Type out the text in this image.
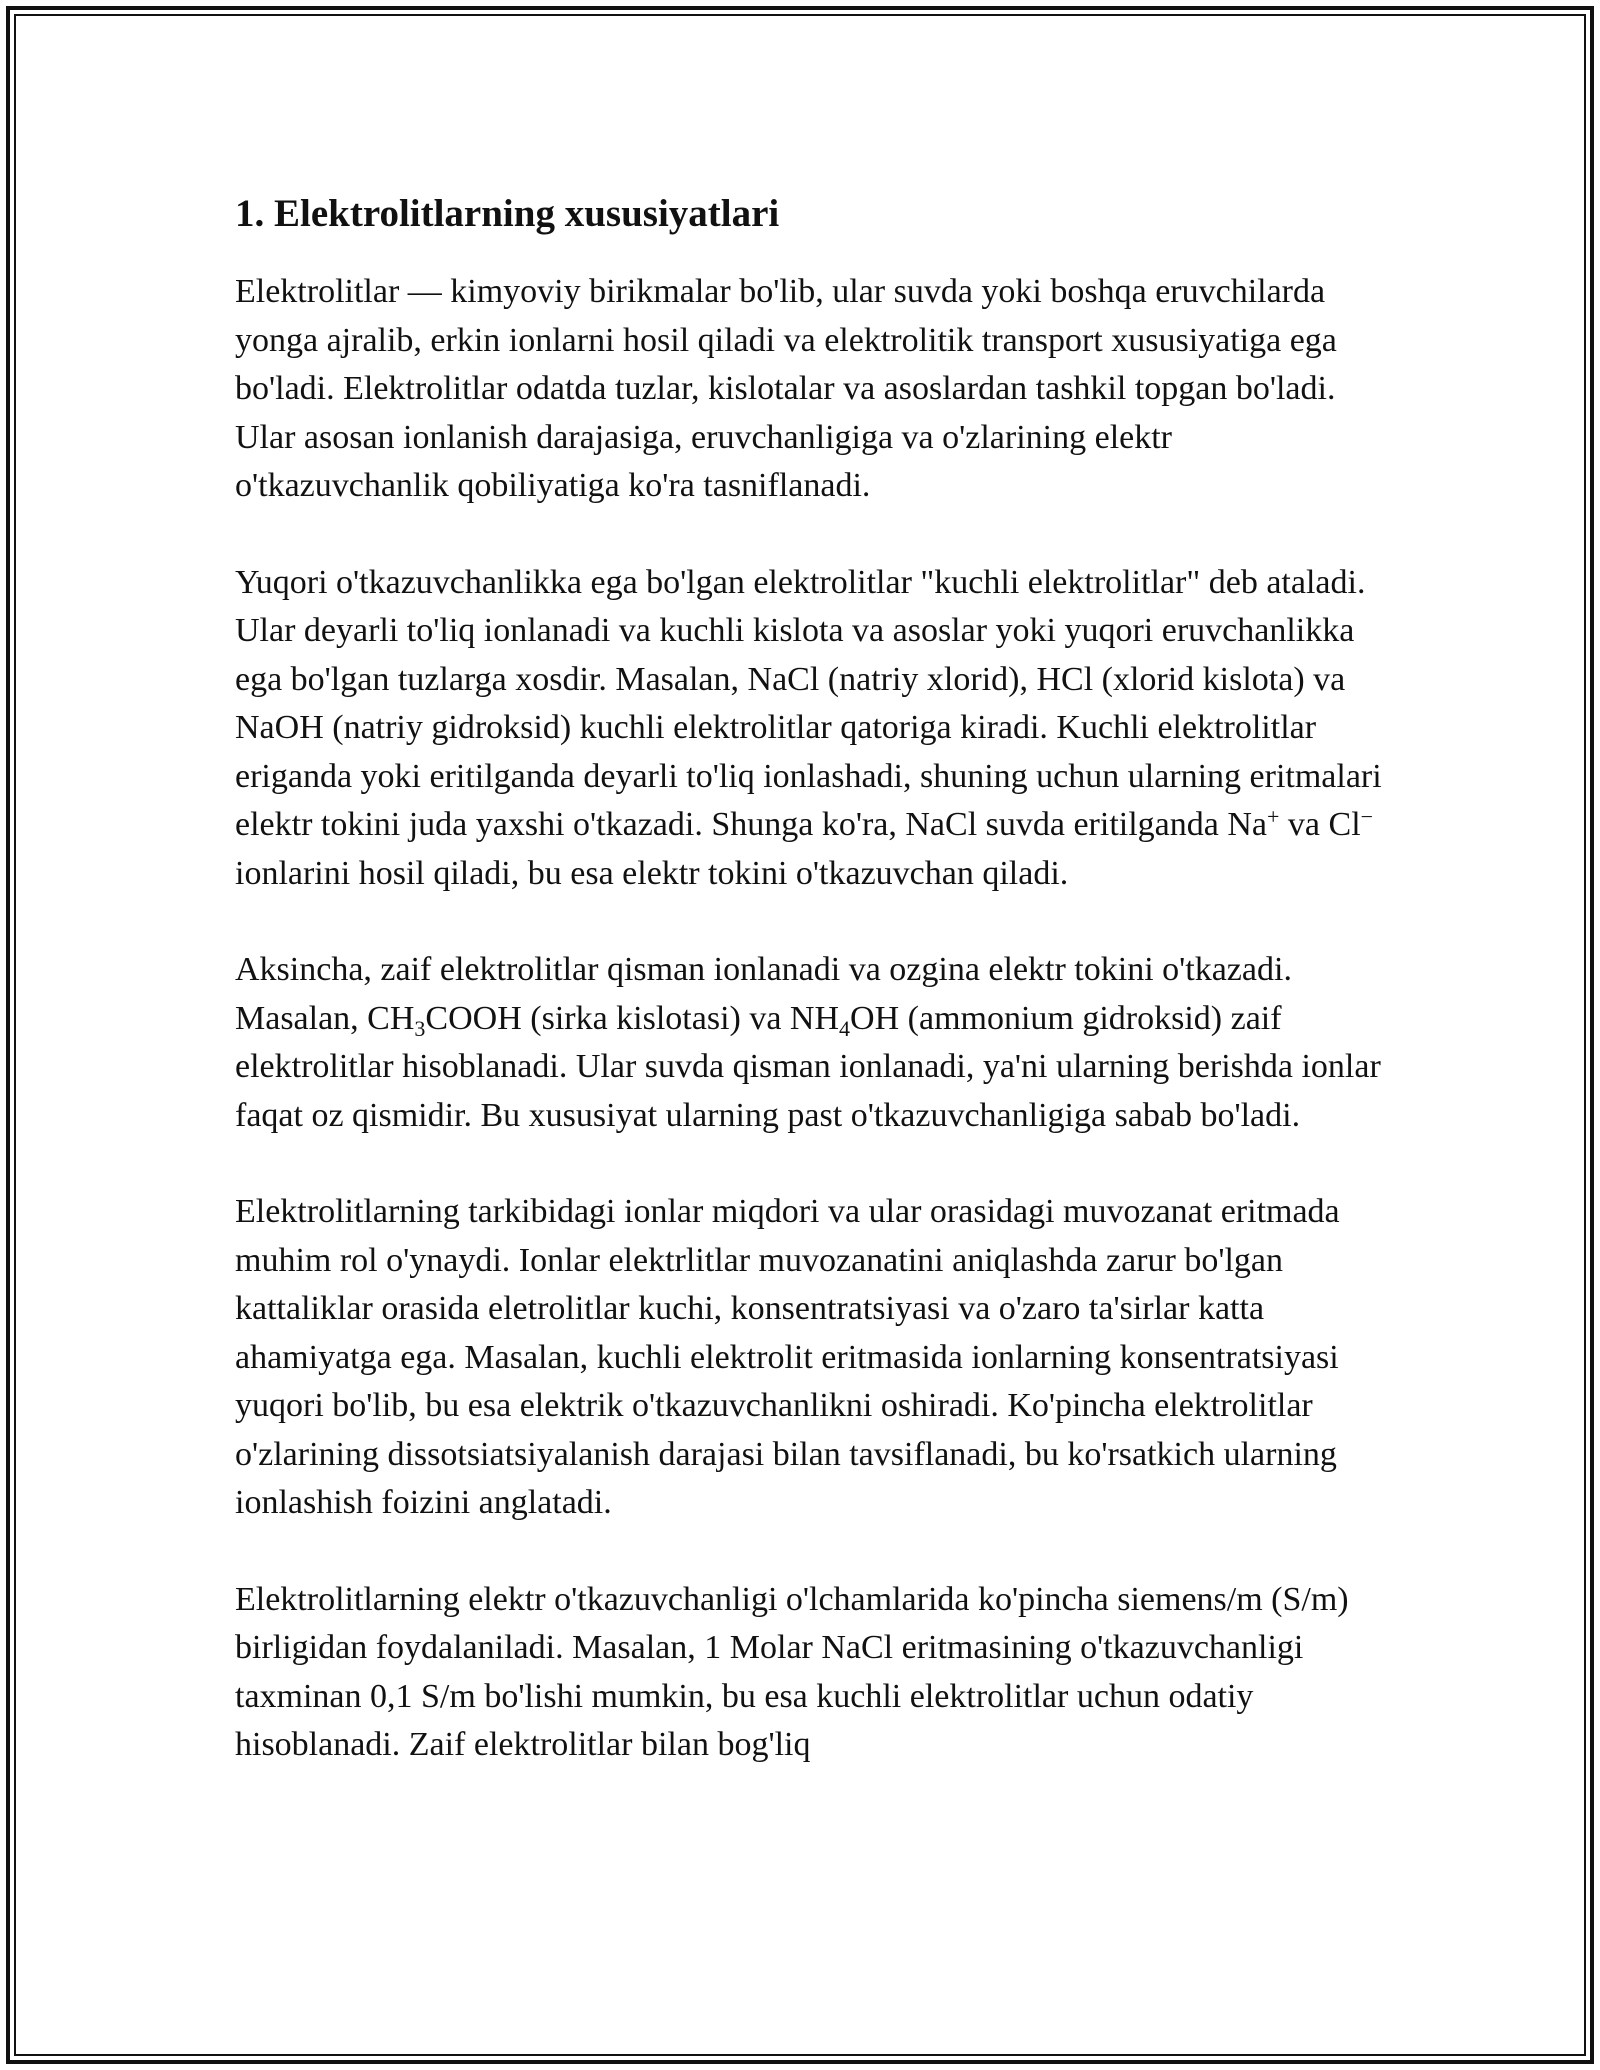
1. Elektrolitlarning xususiyatlari

Elektrolitlar — kimyoviy birikmalar bo'lib, ular suvda yoki boshqa eruvchilarda yonga ajralib, erkin ionlarni hosil qiladi va elektrolitik transport xususiyatiga ega bo'ladi. Elektrolitlar odatda tuzlar, kislotalar va asoslardan tashkil topgan bo'ladi. Ular asosan ionlanish darajasiga, eruvchanligiga va o'zlarining elektr o'tkazuvchanlik qobiliyatiga ko'ra tasniflanadi.

Yuqori o'tkazuvchanlikka ega bo'lgan elektrolitlar "kuchli elektrolitlar" deb ataladi. Ular deyarli to'liq ionlanadi va kuchli kislota va asoslar yoki yuqori eruvchanlikka ega bo'lgan tuzlarga xosdir. Masalan, NaCl (natriy xlorid), HCl (xlorid kislota) va NaOH (natriy gidroksid) kuchli elektrolitlar qatoriga kiradi. Kuchli elektrolitlar eriganda yoki eritilganda deyarli to'liq ionlashadi, shuning uchun ularning eritmalari elektr tokini juda yaxshi o'tkazadi. Shunga ko'ra, NaCl suvda eritilganda Na+ va Cl− ionlarini hosil qiladi, bu esa elektr tokini o'tkazuvchan qiladi.

Aksincha, zaif elektrolitlar qisman ionlanadi va ozgina elektr tokini o'tkazadi. Masalan, $CH_3COOH$ (sirka kislotasi) va $NH_4OH$ (ammonium gidroksid) zaif elektrolitlar hisoblanadi. Ular suvda qisman ionlanadi, ya'ni ularning berishda ionlar faqat oz qismidir. Bu xususiyat ularning past o'tkazuvchanligiga sabab bo'ladi.

Elektrolitlarning tarkibidagi ionlar miqdori va ular orasidagi muvozanat eritmada muhim rol o'ynaydi. Ionlar elektrlitlar muvozanatini aniqlashda zarur bo'lgan kattaliklar orasida eletrolitlar kuchi, konsentratsiyasi va o'zaro ta'sirlar katta ahamiyatga ega. Masalan, kuchli elektrolit eritmasida ionlarning konsentratsiyasi yuqori bo'lib, bu esa elektrik o'tkazuvchanlikni oshiradi. Ko'pincha elektrolitlar o'zlarining dissotsiatsiyalanish darajasi bilan tavsiflanadi, bu ko'rsatkich ularning ionlashish foizini anglatadi.

Elektrolitlarning elektr o'tkazuvchanligi o'lchamlarida ko'pincha siemens/m (S/m) birligidan foydalaniladi. Masalan, 1 Molar NaCl eritmasining o'tkazuvchanligi taxminan 0,1 S/m bo'lishi mumkin, bu esa kuchli elektrolitlar uchun odatiy hisoblanadi. Zaif elektrolitlar bilan bog'liq
